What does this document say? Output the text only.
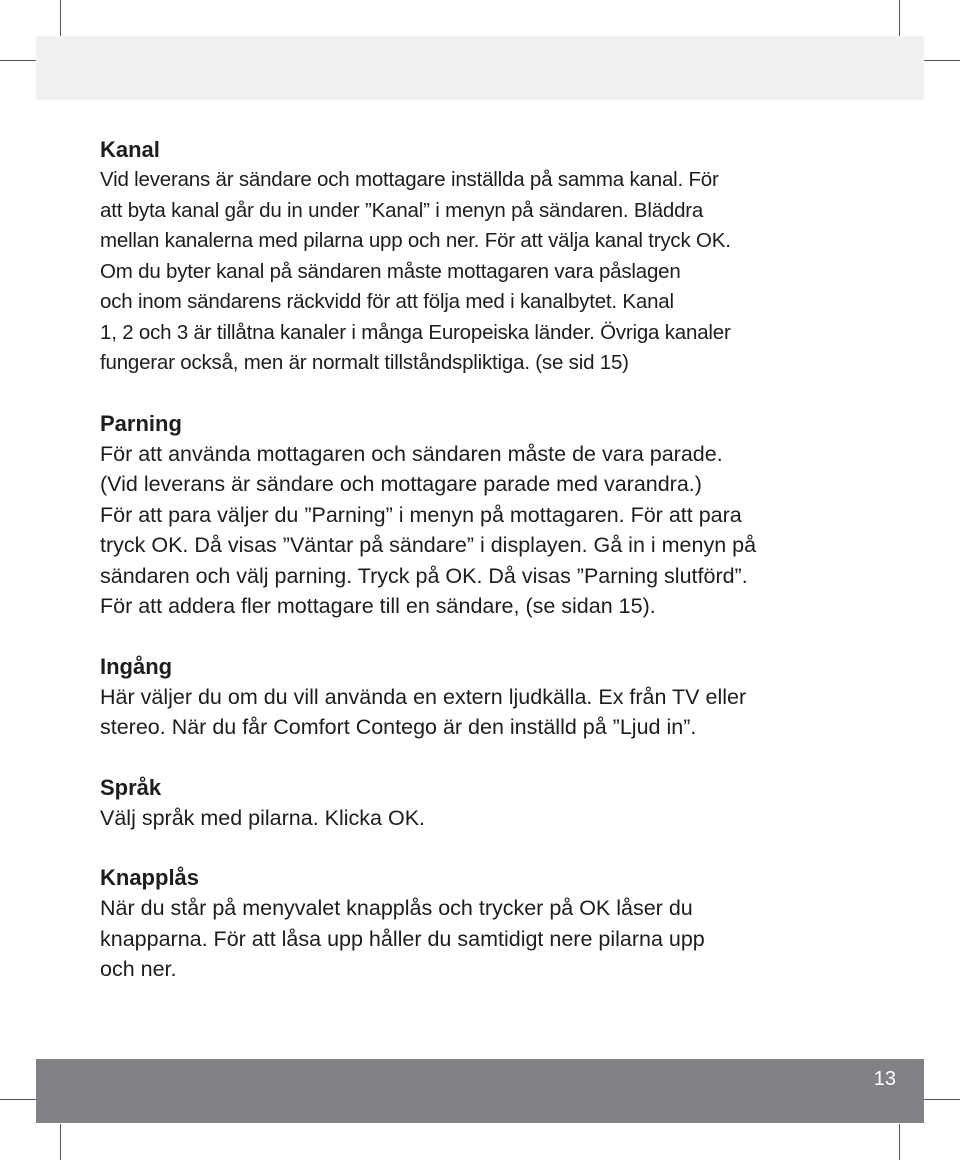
Kanal

Vid leverans är sändare och mottagare inställda på samma kanal. För
att byta kanal går du in under ”Kanal” i menyn på sändaren. Bläddra
mellan kanalerna med pilarna upp och ner. För att välja kanal tryck OK.
Om du byter kanal på sändaren måste mottagaren vara påslagen
och inom sändarens räckvidd för att följa med i kanalbytet. Kanal
1, 2 och 3 är tillåtna kanaler i många Europeiska länder. Övriga kanaler
fungerar också, men är normalt tillståndspliktiga. (se sid 15)

Parning

För att använda mottagaren och sändaren måste de vara parade.
(Vid leverans är sändare och mottagare parade med varandra.)
För att para väljer du ”Parning” i menyn på mottagaren. För att para
tryck OK. Då visas ”Väntar på sändare” i displayen. Gå in i menyn på
sändaren och välj parning. Tryck på OK. Då visas ”Parning slutförd”.
För att addera fler mottagare till en sändare, (se sidan 15).

Ingång

Här väljer du om du vill använda en extern ljudkälla. Ex från TV eller
stereo. När du får Comfort Contego är den inställd på ”Ljud in”.

Språk

Välj språk med pilarna. Klicka OK.

Knapplås

När du står på menyvalet knapplås och trycker på OK låser du
knapparna. För att låsa upp håller du samtidigt nere pilarna upp
och ner.

13
